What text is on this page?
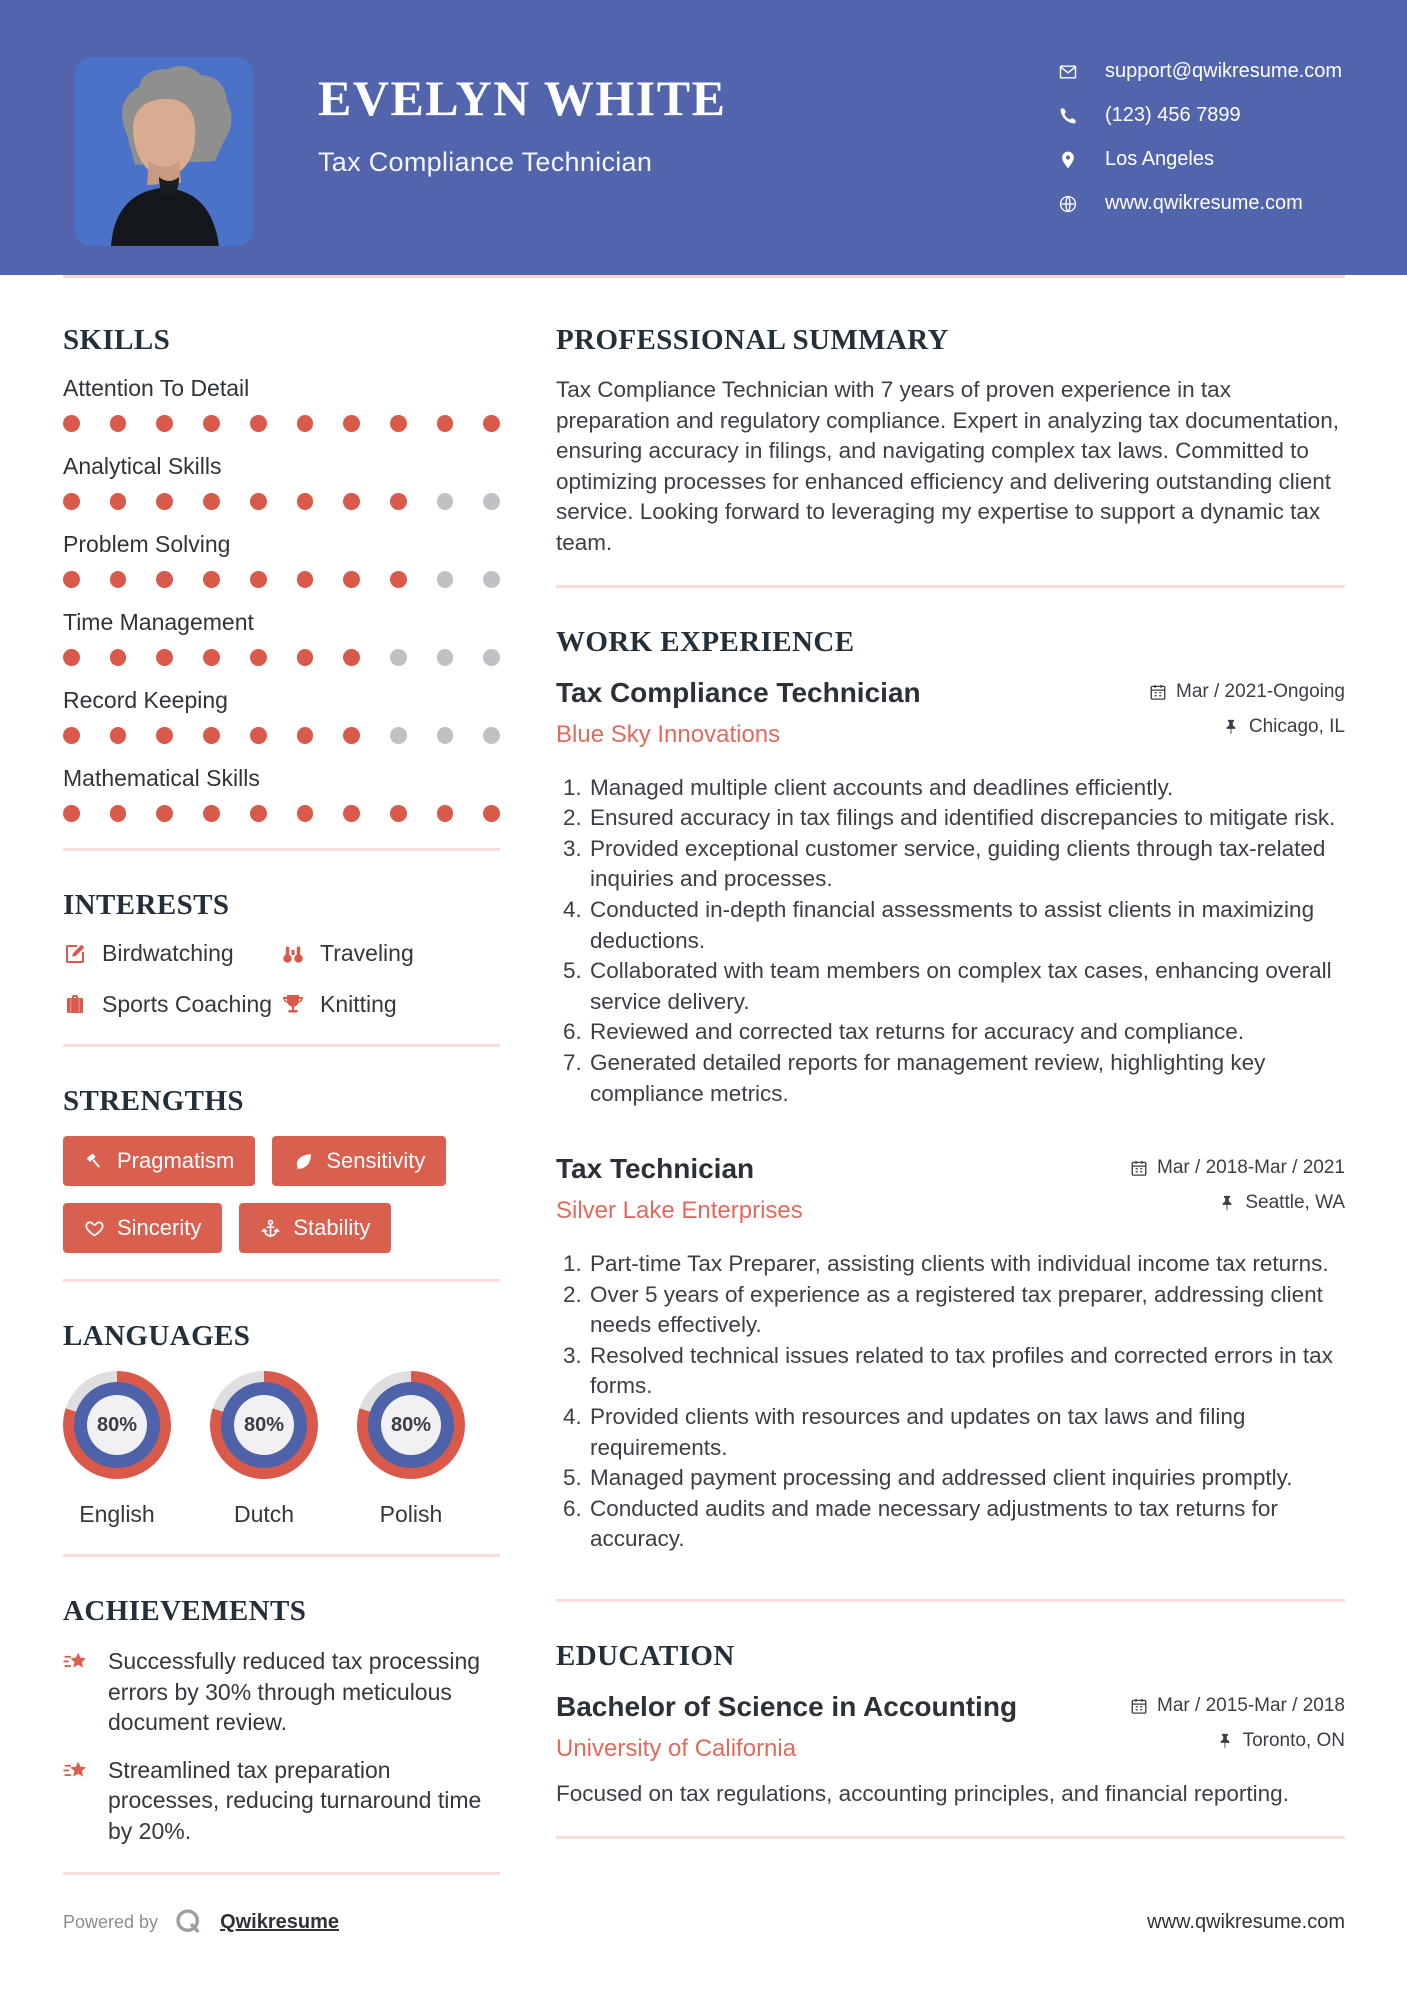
EVELYN WHITE
Tax Compliance Technician
support@qwikresume.com
(123) 456 7899
Los Angeles
www.qwikresume.com
SKILLS
Attention To Detail
Analytical Skills
Problem Solving
Time Management
Record Keeping
Mathematical Skills
INTERESTS
Birdwatching	Traveling
Sports Coaching Knitting
STRENGTHS
Pragmatism	Sensitivity
Sincerity	Stability
LANGUAGES
80%
English
80%
Dutch
80%
Polish
ACHIEVEMENTS
Successfully reduced tax processing errors by 30% through meticulous document review.
Streamlined tax preparation processes, reducing turnaround time by 20%.
PROFESSIONAL SUMMARY

Tax Compliance Technician with 7 years of proven experience in tax preparation and regulatory compliance. Expert in analyzing tax documentation, ensuring accuracy in filings, and navigating complex tax laws. Committed to optimizing processes for enhanced efficiency and delivering outstanding client service. Looking forward to leveraging my expertise to support a dynamic tax team.

WORK EXPERIENCE
Tax Compliance Technician
Blue Sky Innovations
Mar / 2021-Ongoing
Chicago, IL
1. Managed multiple client accounts and deadlines efficiently.
2. Ensured accuracy in tax filings and identified discrepancies to mitigate risk.
3. Provided exceptional customer service, guiding clients through tax-related inquiries and processes.
4. Conducted in-depth financial assessments to assist clients in maximizing deductions.
5. Collaborated with team members on complex tax cases, enhancing overall service delivery.
6. Reviewed and corrected tax returns for accuracy and compliance.
7. Generated detailed reports for management review, highlighting key compliance metrics.
Tax Technician
Silver Lake Enterprises
Mar / 2018-Mar / 2021
Seattle, WA
1. Part-time Tax Preparer, assisting clients with individual income tax returns.
2. Over 5 years of experience as a registered tax preparer, addressing client needs effectively.
3. Resolved technical issues related to tax profiles and corrected errors in tax forms.
4. Provided clients with resources and updates on tax laws and filing requirements.
5. Managed payment processing and addressed client inquiries promptly.
6. Conducted audits and made necessary adjustments to tax returns for accuracy.
EDUCATION
Bachelor of Science in Accounting
University of California
Mar / 2015-Mar / 2018
Toronto, ON

Focused on tax regulations, accounting principles, and financial reporting.

Powered by	Qwikresume	www.qwikresume.com
